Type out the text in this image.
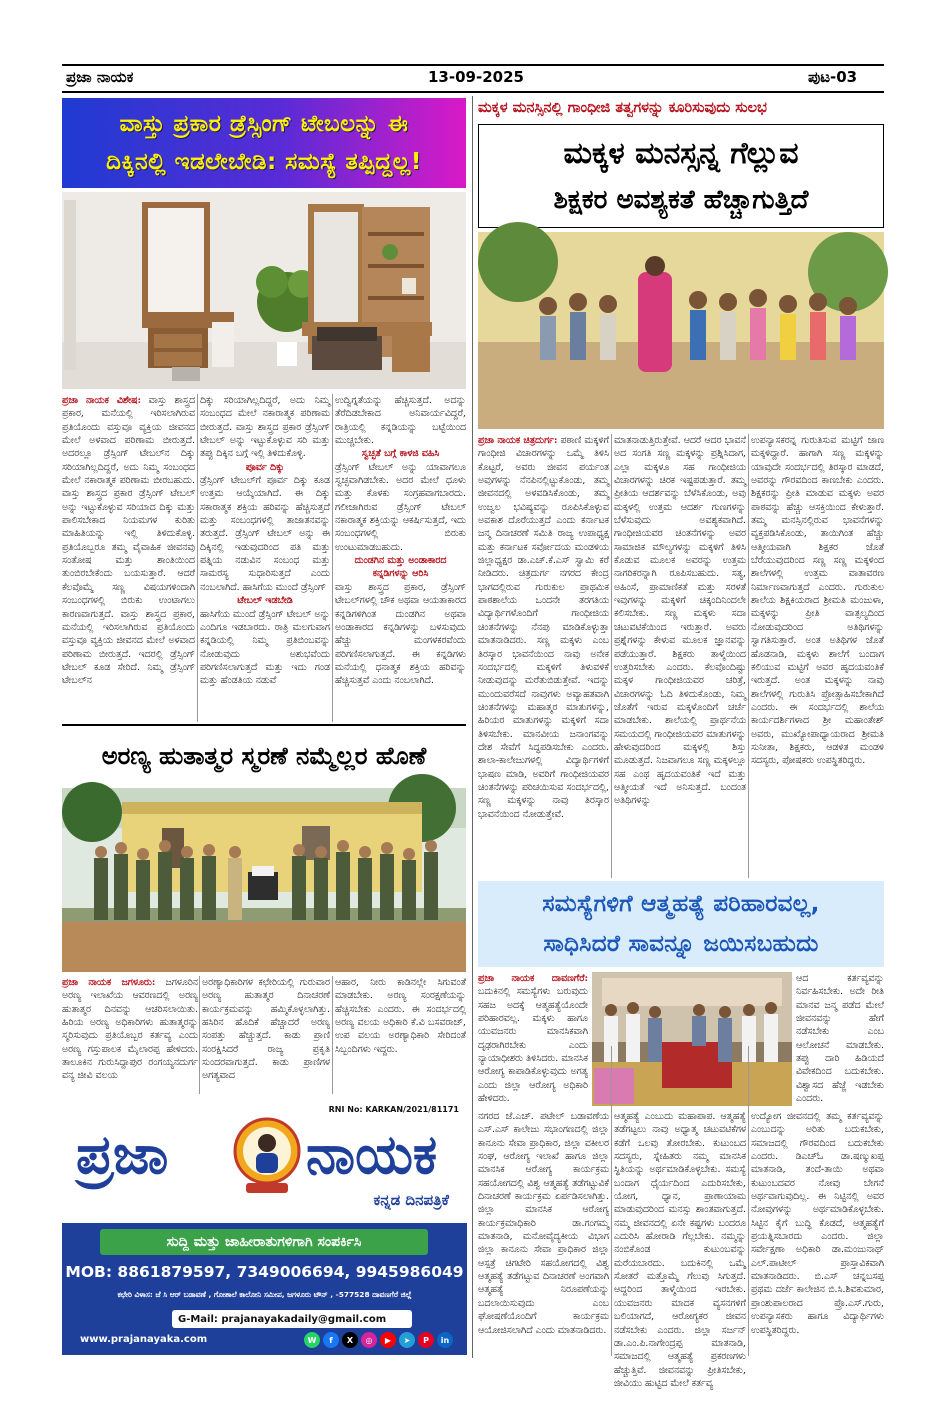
ಪ್ರಜಾ ನಾಯಕ	13-09-2025	ಪುಟ-03
ವಾಸ್ತು ಪ್ರಕಾರ ಡ್ರೆಸ್ಸಿಂಗ್ ಟೇಬಲನ್ನು ಈ
ದಿಕ್ಕಿನಲ್ಲಿ ಇಡಲೇಬೇಡಿ: ಸಮಸ್ಯೆ ತಪ್ಪಿದ್ದಲ್ಲ!

ಪ್ರಜಾ ನಾಯಕ ವಿಶೇಷ: ವಾಸ್ತು ಶಾಸ್ತ್ರದ ಪ್ರಕಾರ, ಮನೆಯಲ್ಲಿ ಇರಿಸಲಾಗಿರುವ ಪ್ರತಿಯೊಂದು ವಸ್ತುವೂ ವ್ಯಕ್ತಿಯ ಜೀವನದ ಮೇಲೆ ಅಳವಾದ ಪರಿಣಾಮ ಬೀರುತ್ತದೆ. ಅದರಲ್ಲೂ ಡ್ರೆಸ್ಸಿಂಗ್ ಟೇಬಲ್‌ನ ದಿಕ್ಕು ಸರಿಯಾಗಿಲ್ಲದಿದ್ದರೆ, ಅದು ನಿಮ್ಮ ಸಂಬಂಧದ ಮೇಲೆ ನಕಾರಾತ್ಮಕ ಪರಿಣಾಮ ಬೀರಬಹುದು. ವಾಸ್ತು ಶಾಸ್ತ್ರದ ಪ್ರಕಾರ ಡ್ರೆಸ್ಸಿಂಗ್ ಟೇಬಲ್ ಅನ್ನು ಇಟ್ಟುಕೊಳ್ಳುವ ಸರಿಯಾದ ದಿಕ್ಕು ಮತ್ತು ಪಾಲಿಸಬೇಕಾದ ನಿಯಮಗಳ ಕುರಿತು ಮಾಹಿತಿಯನ್ನು ಇಲ್ಲಿ ತಿಳಿದುಕೊಳ್ಳಿ. ಪ್ರತಿಯೊಬ್ಬರೂ ತಮ್ಮ ವೈವಾಹಿಕ ಜೀವನವು ಸಂತೋಷ ಮತ್ತು ಶಾಂತಿಯಿಂದ ತುಂಬಿರಬೇಕೆಂದು ಬಯಸುತ್ತಾರೆ. ಆದರೆ ಕೆಲವೊಮ್ಮೆ ಸಣ್ಣ ವಿಷಯಗಳಿಂದಾಗಿ ಸಂಬಂಧಗಳಲ್ಲಿ ಬಿರುಕು ಉಂಟಾಗಲು ಕಾರಣವಾಗುತ್ತದೆ. ವಾಸ್ತು ಶಾಸ್ತ್ರದ ಪ್ರಕಾರ, ಮನೆಯಲ್ಲಿ ಇರಿಸಲಾಗಿರುವ ಪ್ರತಿಯೊಂದು ವಸ್ತುವೂ ವ್ಯಕ್ತಿಯ ಜೀವನದ ಮೇಲೆ ಅಳವಾದ ಪರಿಣಾಮ ಬೀರುತ್ತದೆ. ಇದರಲ್ಲಿ ಡ್ರೆಸ್ಸಿಂಗ್ ಟೇಬಲ್ ಕೂಡ ಸೇರಿದೆ. ನಿಮ್ಮ ಡ್ರೆಸ್ಸಿಂಗ್ ಟೇಬಲ್‌ನ

ದಿಕ್ಕು ಸರಿಯಾಗಿಲ್ಲದಿದ್ದರೆ, ಅದು ನಿಮ್ಮ ಸಂಬಂಧದ ಮೇಲೆ ನಕಾರಾತ್ಮಕ ಪರಿಣಾಮ ಬೀರುತ್ತದೆ. ವಾಸ್ತು ಶಾಸ್ತ್ರದ ಪ್ರಕಾರ ಡ್ರೆಸ್ಸಿಂಗ್ ಟೇಬಲ್ ಅನ್ನು ಇಟ್ಟುಕೊಳ್ಳುವ ಸರಿ ಮತ್ತು ತಪ್ಪು ದಿಕ್ಕಿನ ಬಗ್ಗೆ ಇಲ್ಲಿ ತಿಳಿದುಕೊಳ್ಳಿ.

ಪೂರ್ವ ದಿಕ್ಕು

ಡ್ರೆಸ್ಸಿಂಗ್ ಟೇಬಲ್‌ಗೆ ಪೂರ್ವ ದಿಕ್ಕು ಕೂಡ ಉತ್ತಮ ಆಯ್ಕೆಯಾಗಿದೆ. ಈ ದಿಕ್ಕು ಸಕಾರಾತ್ಮಕ ಶಕ್ತಿಯ ಹರಿವನ್ನು ಹೆಚ್ಚಿಸುತ್ತದೆ ಮತ್ತು ಸಂಬಂಧಗಳಲ್ಲಿ ತಾಜಾತನವನ್ನು ತರುತ್ತದೆ. ಡ್ರೆಸ್ಸಿಂಗ್ ಟೇಬಲ್ ಅನ್ನು ಈ ದಿಕ್ಕಿನಲ್ಲಿ ಇಡುವುದರಿಂದ ಪತಿ ಮತ್ತು ಪತ್ನಿಯ ನಡುವಿನ ಸಂಬಂಧ ಮತ್ತು ಸಾಮರಸ್ಯ ಸುಧಾರಿಸುತ್ತದೆ ಎಂದು ನಂಬಲಾಗಿದೆ. ಹಾಸಿಗೆಯ ಮುಂದೆ ಡ್ರೆಸ್ಸಿಂಗ್

ಟೇಬಲ್ ಇಡಬೇಡಿ

ಹಾಸಿಗೆಯ ಮುಂದೆ ಡ್ರೆಸ್ಸಿಂಗ್ ಟೇಬಲ್ ಅನ್ನು ಎಂದಿಗೂ ಇಡಬಾರದು. ರಾತ್ರಿ ಮಲಗುವಾಗ ಕನ್ನಡಿಯಲ್ಲಿ ನಿಮ್ಮ ಪ್ರತಿಬಿಂಬವನ್ನು ನೋಡುವುದು ಅಶುಭವೆಂದು ಪರಿಗಣಿಸಲಾಗುತ್ತದೆ ಮತ್ತು ಇದು ಗಂಡ ಮತ್ತು ಹೆಂಡತಿಯ ನಡುವೆ

ಉದ್ವಿಗ್ನತೆಯನ್ನು ಹೆಚ್ಚಿಸುತ್ತದೆ. ಅದನ್ನು ತೆರೆದಿಡಬೇಕಾದ ಅನಿವಾರ್ಯವಿದ್ದರೆ, ರಾತ್ರಿಯಲ್ಲಿ ಕನ್ನಡಿಯನ್ನು ಬಟ್ಟೆಯಿಂದ ಮುಚ್ಚಬೇಕು.

ಸ್ವಚ್ಛತೆ ಬಗ್ಗೆ ಕಾಳಜಿ ವಹಿಸಿ

ಡ್ರೆಸ್ಸಿಂಗ್ ಟೇಬಲ್ ಅನ್ನು ಯಾವಾಗಲೂ ಸ್ವಚ್ಛವಾಗಿಡಬೇಕು. ಅದರ ಮೇಲೆ ಧೂಳು ಮತ್ತು ಕೊಳಕು ಸಂಗ್ರಹವಾಗಬಾರದು. ಗಲೀಜಾಗಿರುವ ಡ್ರೆಸ್ಸಿಂಗ್ ಟೇಬಲ್ ನಕಾರಾತ್ಮಕ ಶಕ್ತಿಯನ್ನು ಆಕರ್ಷಿಸುತ್ತದೆ, ಇದು ಸಂಬಂಧಗಳಲ್ಲಿ ಬಿರುಕು ಉಂಟುಮಾಡಬಹುದು.

ದುಂಡಗಿನ ಮತ್ತು ಅಂಡಾಕಾರದ ಕನ್ನಡಿಗಳನ್ನು ಆರಿಸಿ

ವಾಸ್ತು ಶಾಸ್ತ್ರದ ಪ್ರಕಾರ, ಡ್ರೆಸ್ಸಿಂಗ್ ಟೇಬಲ್‌ಗಳಲ್ಲಿ ಚೌಕ ಅಥವಾ ಆಯತಾಕಾರದ ಕನ್ನಡಿಗಳಿಗಿಂತ ದುಂಡಗಿನ ಅಥವಾ ಅಂಡಾಕಾರದ ಕನ್ನಡಿಗಳನ್ನು ಬಳಸುವುದು ಹೆಚ್ಚು ಮಂಗಳಕರವೆಂದು ಪರಿಗಣಿಸಲಾಗುತ್ತದೆ. ಈ ಕನ್ನಡಿಗಳು ಮನೆಯಲ್ಲಿ ಧನಾತ್ಮಕ ಶಕ್ತಿಯ ಹರಿವನ್ನು ಹೆಚ್ಚಿಸುತ್ತವೆ ಎಂದು ನಂಬಲಾಗಿದೆ.

ಅರಣ್ಯ ಹುತಾತ್ಮರ ಸ್ಮರಣೆ ನಮ್ಮೆಲ್ಲರ ಹೊಣೆ

ಪ್ರಜಾ ನಾಯಕ ಜಗಳೂರು: ಜಗಳೂರಿನ ಅರಣ್ಯ ಇಲಾಖೆಯ ಆವರಣದಲ್ಲಿ ಅರಣ್ಯ ಹುತಾತ್ಮರ ದಿನವನ್ನು ಆಚರಿಸಲಾಯಿತು. ಹಿರಿಯ ಅರಣ್ಯ ಅಧಿಕಾರಿಗಳು ಹುತಾತ್ಮರನ್ನು ಸ್ಮರಿಸುವುದು ಪ್ರತಿಯೊಬ್ಬರ ಕರ್ತವ್ಯ ಎಂದು ಅರಣ್ಯ ಗಸ್ತುಪಾಲಕ ಮೈಲಾರಪ್ಪ ಹೇಳಿದರು. ತಾಲೂಕಿನ ಗುರುಸಿದ್ದಾಪುರ ರಂಗಯ್ಯನದುರ್ಗ ವನ್ಯ ಜೀವಿ ವಲಯ

ಅರಣ್ಯಾಧಿಕಾರಿಗಳ ಕಛೇರಿಯಲ್ಲಿ ಗುರುವಾರ ಅರಣ್ಯ ಹುತಾತ್ಮರ ದಿನಾಚರಣೆ ಕಾರ್ಯಕ್ರಮವನ್ನು ಹಮ್ಮಿಕೊಳ್ಳಲಾಗಿತ್ತು. ಹಸಿರಿನ ಹೊದಿಕೆ ಹೆಚ್ಚಾದರೆ ಅರಣ್ಯ ಸಂಪತ್ತು ಹೆಚ್ಚುತ್ತದೆ. ಕಾಡು ಪ್ರಾಣಿ ಸಂರಕ್ಷಿಸಿದರೆ ರಾಜ್ಯ ಪ್ರಕೃತಿ ಸುಂದರವಾಗುತ್ತದೆ. ಕಾಡು ಪ್ರಾಣಿಗಳ ಅಗತ್ಯವಾದ

ಆಹಾರ, ನೀರು ಕಾಡಿನಲ್ಲೇ ಸಿಗುವಂತೆ ಮಾಡಬೇಕು. ಅರಣ್ಯ ಸಂರಕ್ಷಣೆಯನ್ನು ಹೆಚ್ಚಿಸಬೇಕು ಎಂದರು. ಈ ಸಂದರ್ಭದಲ್ಲಿ ಅರಣ್ಯ ವಲಯ ಅಧಿಕಾರಿ ಕೆ.ವಿ ಬಸವರಾಜ್, ಉಪ ವಲಯ ಅರಣ್ಯಾಧಿಕಾರಿ ಸೇರಿದಂತೆ ಸಿಬ್ಬಂದಿಗಳು ಇದ್ದರು.

RNI No: KARKAN/2021/81171
ಪ್ರಜಾ	ನಾಯಕ
ಕನ್ನಡ ದಿನಪತ್ರಿಕೆ
ಸುದ್ದಿ ಮತ್ತು ಜಾಹೀರಾತುಗಳಿಗಾಗಿ ಸಂಪರ್ಕಿಸಿ
MOB: 8861879597, 7349006694, 9945986049
ಕಛೇರಿ ವಿಳಾಸ: ಜೆ ಸಿ ಆರ್ ಬಡಾವಣೆ , ಗೋಶಾಲೆ ಕಾಲೋನಿ ಸಮೀಪ, ಜಗಳೂರು ಟೌನ್ , -577528 ದಾವಣಗೆರೆ ಜಿಲ್ಲೆ
G-Mail: prajanayakadaily@gmail.com
www.prajanayaka.com	W	f	X	◎	▶	➤	P	in
ಮಕ್ಕಳ ಮನಸ್ಸಿನಲ್ಲಿ ಗಾಂಧೀಜಿ ತತ್ವಗಳನ್ನು ಕೂರಿಸುವುದು ಸುಲಭ
ಮಕ್ಕಳ ಮನಸ್ಸನ್ನ ಗೆಲ್ಲುವ
ಶಿಕ್ಷಕರ ಅವಶ್ಯಕತೆ ಹೆಚ್ಚಾಗುತ್ತಿದೆ

ಪ್ರಜಾ ನಾಯಕ ಚಿತ್ರದುರ್ಗ: ಪಠಾಣಿ ಮಕ್ಕಳಿಗೆ ಗಾಂಧೀಜಿ ವಿಚಾರಗಳನ್ನು ಒಮ್ಮೆ ತಿಳಿಸಿ ಕೊಟ್ಟರೆ, ಅವರು ಜೀವನ ಪರ್ಯಂತ ಅವುಗಳನ್ನು ನೆನಪಿನಲ್ಲಿಟ್ಟುಕೊಂಡು, ತಮ್ಮ ಜೀವನದಲ್ಲಿ ಅಳವಡಿಸಿಕೊಂಡು, ತಮ್ಮ ಉಜ್ವಲ ಭವಿಷ್ಯವನ್ನು ರೂಪಿಸಿಕೊಳ್ಳುವ ಅವಕಾಶ ದೊರೆಯುತ್ತದೆ ಎಂದು ಕರ್ನಾಟಕ ಜನ್ಮ ದಿನಾಚರಣೆ ಸಮಿತಿ ರಾಜ್ಯ ಉಪಾಧ್ಯಕ್ಷ ಮತ್ತು ಕರ್ನಾಟಕ ಸರ್ವೋದಯ ಮಂಡಳಿಯ ಜಿಲ್ಲಾಧ್ಯಕ್ಷರ ಡಾ.ಎಚ್.ಕೆ.ಎಸ್ ಸ್ವಾಮಿ ಕರೆ ನೀಡಿದರು. ಚಿತ್ರದುರ್ಗ ನಗರದ ಕೇಂದ್ರ ಭಾಗದಲ್ಲಿರುವ ಗುರುಕುಲ ಪ್ರಾಥಮಿಕ ಪಾಠಶಾಲೆಯ ಒಂದನೇ ತರಗತಿಯ ವಿದ್ಯಾರ್ಥಿಗಳೊಂದಿಗೆ ಗಾಂಧೀಜಿಯ ಚಿಂತನೆಗಳನ್ನು ನೆನಪು ಮಾಡಿಕೊಳ್ಳುತ್ತಾ ಮಾತನಾಡಿದರು. ಸಣ್ಣ ಮಕ್ಕಳು ಎಂಬ ತಿರಸ್ಕಾರ ಭಾವನೆಯಿಂದ ನಾವು ಅನೇಕ ಸಂದರ್ಭದಲ್ಲಿ ಮಕ್ಕಳಿಗೆ ತಿಳುವಳಿಕೆ ನೀಡುವುದನ್ನು ಮರೆತುಬಿಡುತ್ತೇವೆ. ಇದನ್ನು ಮುಂದುವರೆಸದೆ ನಾವುಗಳು ಅವ್ಯಾಹತವಾಗಿ ಚಿಂತನೆಗಳನ್ನು ಮಹಾತ್ಮರ ಮಾತುಗಳನ್ನು, ಹಿರಿಯರ ಮಾತುಗಳನ್ನು ಮಕ್ಕಳಿಗೆ ಸದಾ ತಿಳಿಸಬೇಕು. ಮಾನವೀಯ ಜನಾಂಗವನ್ನು ದೇಶ ಸೇವೆಗೆ ಸಿದ್ಧಪಡಿಸಬೇಕು ಎಂದರು. ಶಾಲಾ-ಕಾಲೇಜುಗಳಲ್ಲಿ ವಿದ್ಯಾರ್ಥಿಗಳಿಗೆ ಭಾಷಣ ಮಾಡಿ, ಅವರಿಗೆ ಗಾಂಧೀಜಿಯವರ ಚಿಂತನೆಗಳನ್ನು ಪರಿಚಯಿಸುವ ಸಂದರ್ಭದಲ್ಲಿ, ಸಣ್ಣ ಮಕ್ಕಳನ್ನು ನಾವು ತಿರಸ್ಕಾರ ಭಾವನೆಯಿಂದ ನೋಡುತ್ತೇವೆ.

ಮಾತನಾಡುತ್ತಿರುತ್ತೇವೆ. ಆದರೆ ಆದರ ಭಾವನೆ ಅದ ಸಂಗತಿ ಸಣ್ಣ ಮಕ್ಕಳನ್ನು ಪ್ರಶ್ನಿಸಿದಾಗ, ಎಲ್ಲಾ ಮಕ್ಕಳೂ ಸಹ ಗಾಂಧೀಜಿಯ ವಿಚಾರಗಳನ್ನು ಚಿರಕ ಇಷ್ಟಪಡುತ್ತಾರೆ. ತಮ್ಮ ಪ್ರೀತಿಯ ಆದರ್ಶವನ್ನು ಬೆಳೆಸಿಕೊಂಡು, ಅವು ಮಕ್ಕಳಲ್ಲಿ ಉತ್ತಮ ಆದರ್ಶ ಗುಣಗಳನ್ನು ಬೆಳೆಸುವುದು ಅವಶ್ಯಕವಾಗಿದೆ. ಗಾಂಧೀಜಿಯವರ ಚಿಂತನೆಗಳನ್ನು ಅವರ ಸಾಮಾಜಿಕ ಮೌಲ್ಯಗಳನ್ನು ಮಕ್ಕಳಿಗೆ ತಿಳಿಸಿ ಕೊಡುವ ಮೂಲಕ ಅವರನ್ನು ಉತ್ತಮ ನಾಗರಿಕರನ್ನಾಗಿ ರೂಪಿಸಬಹುದು. ಸತ್ಯ, ಅಹಿಂಸೆ, ಪ್ರಾಮಾಣಿಕತೆ ಮತ್ತು ಸರಳತೆ ಇವುಗಳನ್ನು ಮಕ್ಕಳಿಗೆ ಚಿಕ್ಕಂದಿನಿಂದಲೇ ಕಲಿಸಬೇಕು. ಸಣ್ಣ ಮಕ್ಕಳು ಸದಾ ಚಟುವಟಿಕೆಯಿಂದ ಇರುತ್ತಾರೆ. ಅವರು ಪ್ರಶ್ನೆಗಳನ್ನು ಕೇಳುವ ಮೂಲಕ ಜ್ಞಾನವನ್ನು ಪಡೆಯುತ್ತಾರೆ. ಶಿಕ್ಷಕರು ತಾಳ್ಮೆಯಿಂದ ಉತ್ತರಿಸಬೇಕು ಎಂದರು. ಕೆಲವೊಂದಿಷ್ಟು ಮಕ್ಕಳ ಗಾಂಧೀಜಿಯವರ ಚರಿತ್ರೆ, ವಿಚಾರಗಳನ್ನು ಓದಿ ತಿಳಿದುಕೊಂಡು, ನಿಮ್ಮ ಜೊತೆಗೆ ಇರುವ ಮಕ್ಕಳೊಂದಿಗೆ ಚರ್ಚೆ ಮಾಡಬೇಕು. ಶಾಲೆಯಲ್ಲಿ ಪ್ರಾರ್ಥನೆಯ ಸಮಯದಲ್ಲಿ ಗಾಂಧೀಜಿಯವರ ಮಾತುಗಳನ್ನು ಹೇಳುವುದರಿಂದ ಮಕ್ಕಳಲ್ಲಿ ಶಿಸ್ತು ಮೂಡುತ್ತದೆ. ನಿಜವಾಗಲೂ ಸಣ್ಣ ಮಕ್ಕಳಲ್ಲೂ ಸಹ ಎಂಥ ಹೃದಯವಂತಿಕೆ ಇದೆ ಮತ್ತು ಆತ್ಮೀಯತೆ ಇದೆ ಅನಿಸುತ್ತದೆ. ಬಂದಂತ ಅತಿಥಿಗಳನ್ನು

ಉಪನ್ಯಾಸಕರನ್ನ ಗುರುತಿಸುವ ಮಟ್ಟಿಗೆ ಜಾಣ ಮಕ್ಕಳಿದ್ದಾರೆ. ಹಾಗಾಗಿ ಸಣ್ಣ ಮಕ್ಕಳನ್ನು ಯಾವುದೇ ಸಂದರ್ಭದಲ್ಲಿ ತಿರಸ್ಕಾರ ಮಾಡದೆ, ಅವರನ್ನು ಗೌರವದಿಂದ ಕಾಣಬೇಕು ಎಂದರು. ಶಿಕ್ಷಕರನ್ನು ಪ್ರೀತಿ ಮಾಡುವ ಮಕ್ಕಳು ಅವರ ಪಾಠವನ್ನು ಹೆಚ್ಚು ಆಸಕ್ತಿಯಿಂದ ಕೇಳುತ್ತಾರೆ. ತಮ್ಮ ಮನಸ್ಸಿನಲ್ಲಿರುವ ಭಾವನೆಗಳನ್ನು ವ್ಯಕ್ತಪಡಿಸಿಕೊಂಡು, ತಾಯಿಗಿಂತ ಹೆಚ್ಚು ಆತ್ಮೀಯವಾಗಿ ಶಿಕ್ಷಕರ ಜೊತೆ ಬೆರೆಯುವುದರಿಂದ ಸಣ್ಣ ಸಣ್ಣ ಮಕ್ಕಳಿಂದ ಶಾಲೆಗಳಲ್ಲಿ ಉತ್ತಮ ವಾತಾವರಣ ನಿರ್ಮಾಣವಾಗುತ್ತದೆ ಎಂದರು. ಗುರುಕುಲ ಶಾಲೆಯ ಶಿಕ್ಷಕಿಯರಾದ ಶ್ರೀಮತಿ ಮಂಜುಳಾ, ಮಕ್ಕಳನ್ನು ಪ್ರೀತಿ ವಾತ್ಸಲ್ಯದಿಂದ ನೋಡುವುದರಿಂದ ಅತಿಥಿಗಳನ್ನು ಸ್ವಾಗತಿಸುತ್ತಾರೆ. ಅಂತ ಅತಿಥಿಗಳ ಜೊತೆ ಹೊಡನಾಡಿ, ಮಕ್ಕಳು ಶಾಲೆಗೆ ಬಂದಾಗ ಕಲಿಯುವ ಮಟ್ಟಿಗೆ ಅವರ ಹೃದಯವಂತಿಕೆ ಇರುತ್ತದೆ. ಅಂತ ಮಕ್ಕಳನ್ನು ನಾವು ಶಾಲೆಗಳಲ್ಲಿ ಗುರುತಿಸಿ ಪ್ರೋತ್ಸಾಹಿಸಬೇಕಾಗಿದೆ ಎಂದರು. ಈ ಸಂದರ್ಭದಲ್ಲಿ ಶಾಲೆಯ ಕಾರ್ಯದರ್ಶಿಗಳಾದ ಶ್ರೀ ಮಹಾಂತೇಶ್ ಅವರು, ಮುಖ್ಯೋಪಾಧ್ಯಾಯರಾದ ಶ್ರೀಮತಿ ಸುನೀತಾ, ಶಿಕ್ಷಕರು, ಆಡಳಿತ ಮಂಡಳಿ ಸದಸ್ಯರು, ಪೋಷಕರು ಉಪಸ್ಥಿತರಿದ್ದರು.

ಸಮಸ್ಯೆಗಳಿಗೆ ಆತ್ಮಹತ್ಯೆ ಪರಿಹಾರವಲ್ಲ,
ಸಾಧಿಸಿದರೆ ಸಾವನ್ನೂ ಜಯಿಸಬಹುದು

ಪ್ರಜಾ ನಾಯಕ ದಾವಣಗೆರೆ: ಬದುಕಿನಲ್ಲಿ ಸಮಸ್ಯೆಗಳು ಬರುವುದು ಸಹಜ ಅದಕ್ಕೆ ಆತ್ಮಹತ್ಯೆಯೊಂದೇ ಪರಿಹಾರವಲ್ಲ. ಮಕ್ಕಳು ಹಾಗೂ ಯುವಜನರು ಮಾನಸಿಕವಾಗಿ ದೃಢರಾಗಿರಬೇಕು ಎಂದು ನ್ಯಾಯಾಧೀಶರು ತಿಳಿಸಿದರು. ಮಾನಸಿಕ ಆರೋಗ್ಯ ಕಾಪಾಡಿಕೊಳ್ಳುವುದು ಅಗತ್ಯ ಎಂದು ಜಿಲ್ಲಾ ಆರೋಗ್ಯ ಅಧಿಕಾರಿ ಹೇಳಿದರು.

ಆದ ಕರ್ತವ್ಯವನ್ನು ನಿರ್ವಹಿಸಬೇಕು. ಅದೇ ರೀತಿ ಮಾನವ ಜನ್ಮ ಪಡೆದ ಮೇಲೆ ಜೀವನವನ್ನು ಹೇಗೆ ನಡೆಸಬೇಕು ಎಂಬ ಆಲೋಚನೆ ಮಾಡಬೇಕು. ತಪ್ಪು ದಾರಿ ಹಿಡಿಯದೆ ವಿವೇಕದಿಂದ ಬದುಕಬೇಕು. ವಿಶ್ವಾಸದ ಹೆಜ್ಜೆ ಇಡಬೇಕು ಎಂದರು.

ನಗರದ ಜೆ.ಎಚ್. ಪಟೇಲ್ ಬಡಾವಣೆಯ ಎಸ್.ಎಸ್ ಕಾಲೇಜು ಸಭಾಂಗಣದಲ್ಲಿ ಜಿಲ್ಲಾ ಕಾನೂನು ಸೇವಾ ಪ್ರಾಧಿಕಾರ, ಜಿಲ್ಲಾ ವಕೀಲರ ಸಂಘ, ಆರೋಗ್ಯ ಇಲಾಖೆ ಹಾಗೂ ಜಿಲ್ಲಾ ಮಾನಸಿಕ ಆರೋಗ್ಯ ಕಾರ್ಯಕ್ರಮ ಸಹಯೋಗದಲ್ಲಿ ವಿಶ್ವ ಆತ್ಮಹತ್ಯೆ ತಡೆಗಟ್ಟುವಿಕೆ ದಿನಾಚರಣೆ ಕಾರ್ಯಕ್ರಮ ಏರ್ಪಡಿಸಲಾಗಿತ್ತು. ಜಿಲ್ಲಾ ಮಾನಸಿಕ ಆರೋಗ್ಯ ಕಾರ್ಯಕ್ರಮಾಧಿಕಾರಿ ಡಾ.ಗಂಗಮ್ಮ ಮಾತನಾಡಿ, ಮನೋವೈದ್ಯಕೀಯ ವಿಭಾಗ ಜಿಲ್ಲಾ ಕಾನೂನು ಸೇವಾ ಪ್ರಾಧಿಕಾರ ಜಿಲ್ಲಾ ಆಸ್ಪತ್ರೆ ಚಿಗಟೇರಿ ಸಹಯೋಗದಲ್ಲಿ ವಿಶ್ವ ಆತ್ಮಹತ್ಯೆ ತಡೆಗಟ್ಟುವ ದಿನಾಚರಣೆ ಅಂಗವಾಗಿ ಆತ್ಮಹತ್ಯೆ ನಿರೂಪಣೆಯನ್ನು ಬದಲಾಯಿಸುವುದು ಎಂಬ ಘೋಷಣೆಯೊಂದಿಗೆ ಕಾರ್ಯಕ್ರಮ ಆಯೋಜಿಸಲಾಗಿದೆ ಎಂದು ಮಾತನಾಡಿದರು.

ಆತ್ಮಹತ್ಯೆ ಎಂಬುದು ಮಹಾಪಾಪ. ಆತ್ಮಹತ್ಯೆ ತಡೆಗಟ್ಟಲು ನಾವು ಅಧ್ಯಾತ್ಮ ಚಟುವಟಿಕೆಗಳ ಕಡೆಗೆ ಒಲವು ತೋರಬೇಕು. ಕುಟುಂಬದ ಸದಸ್ಯರು, ಸ್ನೇಹಿತರು ನಮ್ಮ ಮಾನಸಿಕ ಸ್ಥಿತಿಯನ್ನು ಅರ್ಥಮಾಡಿಕೊಳ್ಳಬೇಕು. ಸಮಸ್ಯೆ ಬಂದಾಗ ಧೈರ್ಯದಿಂದ ಎದುರಿಸಬೇಕು, ಯೋಗ, ಧ್ಯಾನ, ಪ್ರಾಣಾಯಾಮ ಮಾಡುವುದರಿಂದ ಮನಸ್ಸು ಶಾಂತವಾಗುತ್ತದೆ. ನಮ್ಮ ಜೀವನದಲ್ಲಿ ಏನೇ ಕಷ್ಟಗಳು ಬಂದರೂ ಎದುರಿಸಿ ಹೋರಾಡಿ ಗೆಲ್ಲಬೇಕು. ನಮ್ಮನ್ನು ನಂಬಿಕೊಂಡ ಕುಟುಂಬವನ್ನು ಮರೆಯಬಾರದು. ಬದುಕಿನಲ್ಲಿ ಒಮ್ಮೆ ಸೋತರೆ ಮತ್ತೊಮ್ಮೆ ಗೆಲುವು ಸಿಗುತ್ತದೆ. ಆದ್ದರಿಂದ ತಾಳ್ಮೆಯಿಂದ ಇರಬೇಕು. ಯುವಜನರು ಮಾದಕ ವ್ಯಸನಗಳಿಗೆ ಬಲಿಯಾಗದೆ, ಆರೋಗ್ಯಕರ ಜೀವನ ನಡೆಸಬೇಕು ಎಂದರು. ಜಿಲ್ಲಾ ಸರ್ಜನ್ ಡಾ.ಎಂ.ಪಿ.ನಾಗೇಂದ್ರಪ್ಪ ಮಾತನಾಡಿ, ಸಮಾಜದಲ್ಲಿ ಆತ್ಮಹತ್ಯೆ ಪ್ರಕರಣಗಳು ಹೆಚ್ಚುತ್ತಿವೆ. ಜೀವನವನ್ನು ಪ್ರೀತಿಸಬೇಕು, ಜೀವಿಯು ಹುಟ್ಟಿದ ಮೇಲೆ ಕರ್ತವ್ಯ

ಉದ್ಯೋಗ ಜೀವನದಲ್ಲಿ ತಮ್ಮ ಕರ್ತವ್ಯವನ್ನು ಎಂಬುದನ್ನು ಅರಿತು ಬದುಕಬೇಕು, ಸಮಾಜದಲ್ಲಿ ಗೌರವದಿಂದ ಬದುಕಬೇಕು ಎಂದರು. ಡಿಎಚ್‌ಓ ಡಾ.ಷಣ್ಮುಖಪ್ಪ ಮಾತನಾಡಿ, ತಂದೆ-ತಾಯಿ ಅಥವಾ ಕುಟುಂಬದವರ ನೋವು ಬೇಗನೆ ಅರ್ಥವಾಗುವುದಿಲ್ಲ. ಈ ನಿಟ್ಟಿನಲ್ಲಿ ಅವರ ನೋವುಗಳನ್ನು ಅರ್ಥಮಾಡಿಕೊಳ್ಳಬೇಕು. ಸಿಟ್ಟಿನ ಕೈಗೆ ಬುದ್ಧಿ ಕೊಡದೆ, ಆತ್ಮಹತ್ಯೆಗೆ ಪ್ರಯತ್ನಿಸಬಾರದು ಎಂದರು. ಜಿಲ್ಲಾ ಸರ್ವೇಕ್ಷಣಾ ಅಧಿಕಾರಿ ಡಾ.ಮಂಜುನಾಥ್ ಎಲ್.ಪಾಟೀಲ್ ಪ್ರಾಸ್ತಾವಿಕವಾಗಿ ಮಾತನಾಡಿದರು. ಬಿ.ಎಸ್ ಚನ್ನಬಸಪ್ಪ ಪ್ರಥಮ ದರ್ಜೆ ಕಾಲೇಜಿನ ಬಿ.ಸಿ.ಶಿವಕುಮಾರ, ಪ್ರಾಂಶುಪಾಲರಾದ ಪ್ರೊ.ಎಸ್.ಗುರು, ಉಪನ್ಯಾಸಕರು ಹಾಗೂ ವಿದ್ಯಾರ್ಥಿಗಳು ಉಪಸ್ಥಿತರಿದ್ದರು.
